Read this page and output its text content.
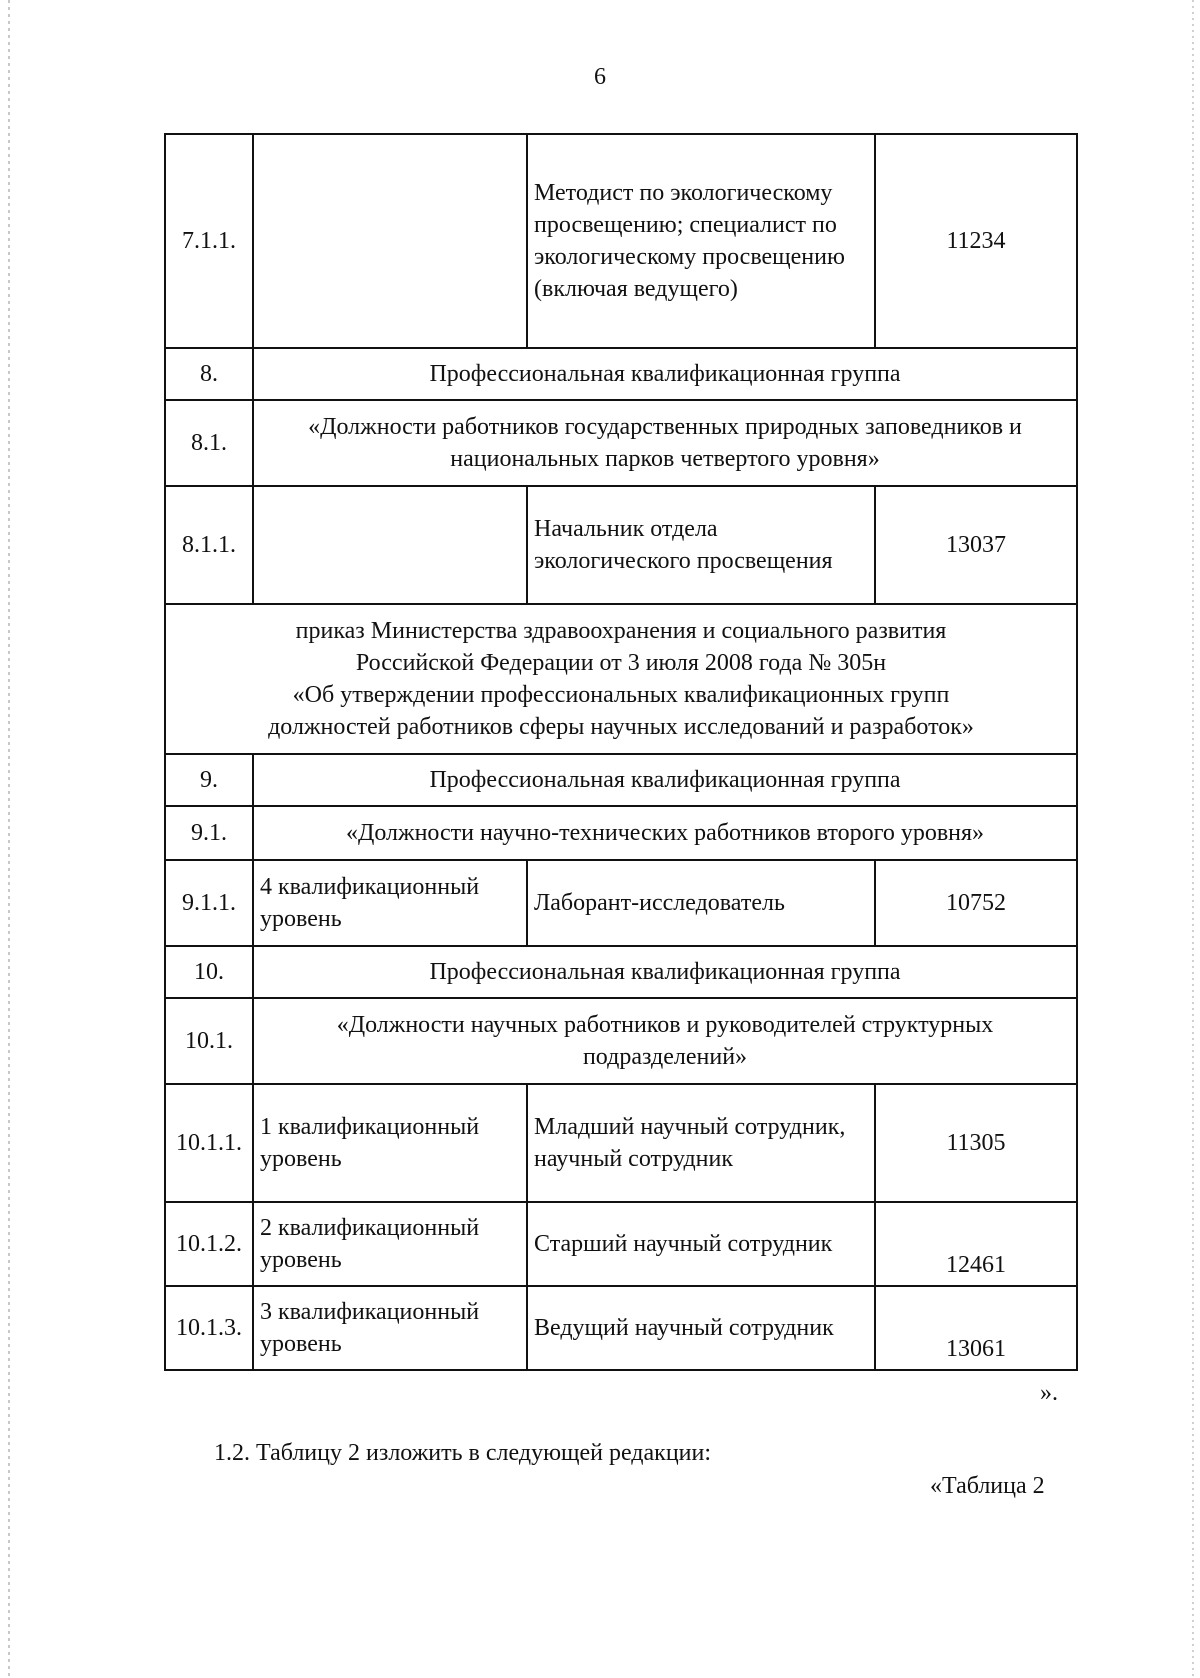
6
7.1.1.		Методист по экологическому просвещению; специалист по экологическому просвещению (включая ведущего)	11234
8.	Профессиональная квалификационная группа		
8.1.	«Должности работников государственных природных заповедников и национальных парков четвертого уровня»		
8.1.1.		Начальник отдела экологического просвещения	13037

приказ Министерства здравоохранения и социального развития
Российской Федерации от 3 июля 2008 года № 305н
«Об утверждении профессиональных квалификационных групп
должностей работников сферы научных исследований и разработок»			

9.	Профессиональная квалификационная группа		
9.1.	«Должности научно-технических работников второго уровня»		
9.1.1.	4 квалификационный уровень	Лаборант-исследователь	10752
10.	Профессиональная квалификационная группа		
10.1.	«Должности научных работников и руководителей структурных подразделений»		
10.1.1.	1 квалификационный уровень	Младший научный сотрудник, научный сотрудник	11305
10.1.2.	2 квалификационный уровень	Старший научный сотрудник	12461
10.1.3.	3 квалификационный уровень	Ведущий научный сотрудник	13061
».
1.2. Таблицу 2 изложить в следующей редакции:
«Таблица 2
